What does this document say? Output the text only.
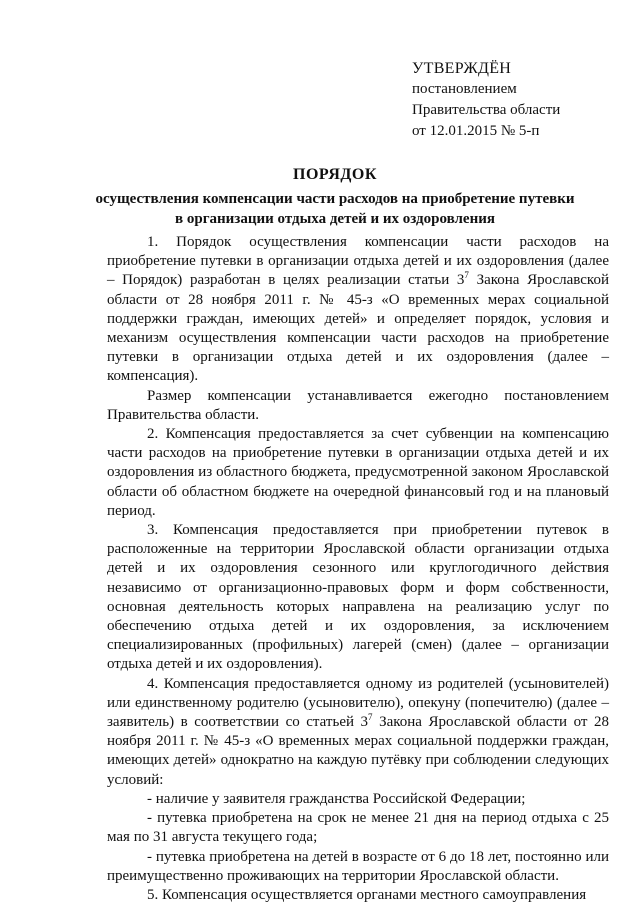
УТВЕРЖДЁН
постановлением
Правительства области
от 12.01.2015 № 5-п
ПОРЯДОК
осуществления компенсации части расходов на приобретение путевки
в организации отдыха детей и их оздоровления

1. Порядок осуществления компенсации части расходов на приобретение путевки в организации отдыха детей и их оздоровления (далее – Порядок) разработан в целях реализации статьи $3^7$ Закона Ярославской области от 28 ноября 2011 г. № 45-з «О временных мерах социальной поддержки граждан, имеющих детей» и определяет порядок, условия и механизм осуществления компенсации части расходов на приобретение путевки в организации отдыха детей и их оздоровления (далее – компенсация).

Размер компенсации устанавливается ежегодно постановлением Правительства области.

2. Компенсация предоставляется за счет субвенции на компенсацию части расходов на приобретение путевки в организации отдыха детей и их оздоровления из областного бюджета, предусмотренной законом Ярославской области об областном бюджете на очередной финансовый год и на плановый период.

3. Компенсация предоставляется при приобретении путевок в расположенные на территории Ярославской области организации отдыха детей и их оздоровления сезонного или круглогодичного действия независимо от организационно-правовых форм и форм собственности, основная деятельность которых направлена на реализацию услуг по обеспечению отдыха детей и их оздоровления, за исключением специализированных (профильных) лагерей (смен) (далее – организации отдыха детей и их оздоровления).

4. Компенсация предоставляется одному из родителей (усыновителей) или единственному родителю (усыновителю), опекуну (попечителю) (далее – заявитель) в соответствии со статьей $3^7$ Закона Ярославской области от 28 ноября 2011 г. № 45-з «О временных мерах социальной поддержки граждан, имеющих детей» однократно на каждую путёвку при соблюдении следующих условий:

- наличие у заявителя гражданства Российской Федерации;

- путевка приобретена на срок не менее 21 дня на период отдыха с 25 мая по 31 августа текущего года;

- путевка приобретена на детей в возрасте от 6 до 18 лет, постоянно или преимущественно проживающих на территории Ярославской области.

5. Компенсация осуществляется органами местного самоуправления
